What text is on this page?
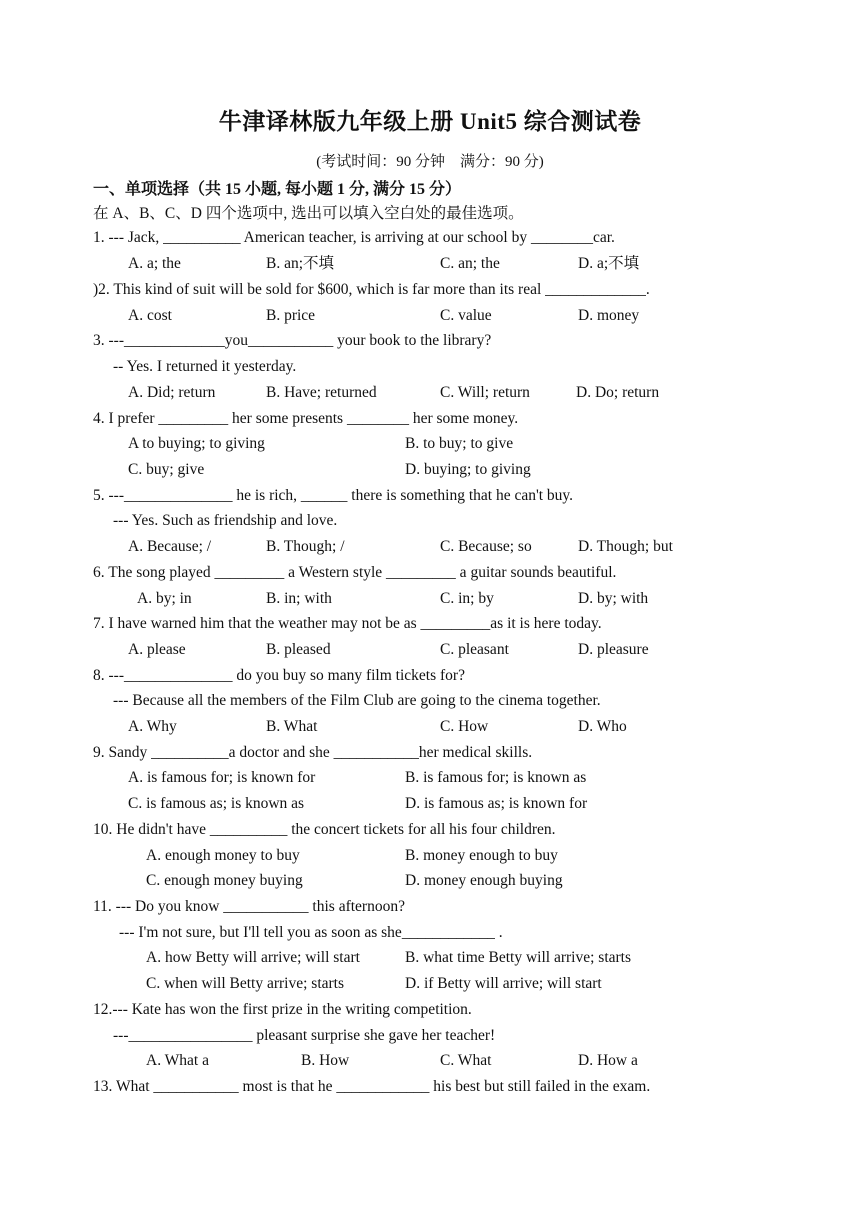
牛津译林版九年级上册 Unit5 综合测试卷
(考试时间：90 分钟　满分：90 分)
一、单项选择（共 15 小题, 每小题 1 分, 满分 15 分）
在 A、B、C、D 四个选项中, 选出可以填入空白处的最佳选项。
1. --- Jack, __________ American teacher, is arriving at our school by ________car.
A. a; the	B. an;不填	C. an; the	D. a;不填
)2. This kind of suit will be sold for $600, which is far more than its real _____________.
A. cost	B. price	C. value	D. money
3. ---_____________you___________ your book to the library?
-- Yes. I returned it yesterday.
A. Did; return	B. Have; returned	C. Will; return	D. Do; return
4. I prefer _________ her some presents ________ her some money.
A to buying; to giving	B. to buy; to give
C. buy; give	D. buying; to giving
5. ---______________ he is rich, ______ there is something that he can't buy.
--- Yes. Such as friendship and love.
A. Because; /	B. Though; /	C. Because; so	D. Though; but
6. The song played _________ a Western style _________ a guitar sounds beautiful.
A. by; in	B. in; with	C. in; by	D. by; with
7. I have warned him that the weather may not be as _________as it is here today.
A. please	B. pleased	C. pleasant	D. pleasure
8. ---______________ do you buy so many film tickets for?
--- Because all the members of the Film Club are going to the cinema together.
A. Why	B. What	C. How	D. Who
9. Sandy __________a doctor and she ___________her medical skills.
A. is famous for; is known for	B. is famous for; is known as
C. is famous as; is known as	D. is famous as; is known for
10. He didn't have __________ the concert tickets for all his four children.
A. enough money to buy	B. money enough to buy
C. enough money buying	D. money enough buying
11. --- Do you know ___________ this afternoon?
--- I'm not sure, but I'll tell you as soon as she____________ .
A. how Betty will arrive; will start	B. what time Betty will arrive; starts
C. when will Betty arrive; starts	D. if Betty will arrive; will start
12.--- Kate has won the first prize in the writing competition.
---________________ pleasant surprise she gave her teacher!
A. What a	B. How	C. What	D. How a
13. What ___________ most is that he ____________ his best but still failed in the exam.
